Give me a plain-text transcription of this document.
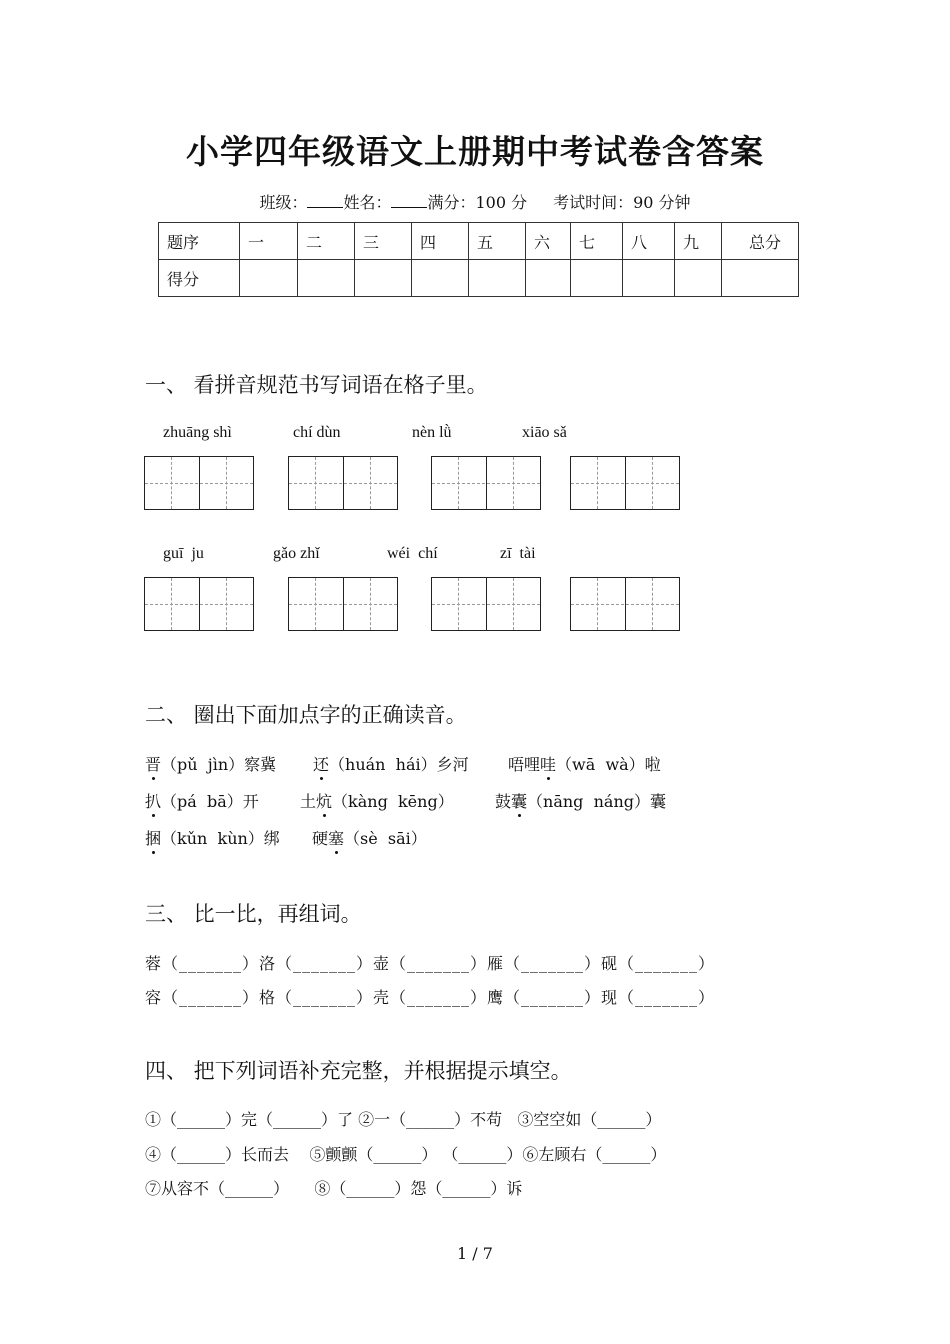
小学四年级语文上册期中考试卷含答案
班级： 姓名： 满分：100 分 考试时间：90 分钟
题序	一	二	三	四	五	六	七	八	九	总分
得分										
一、 看拼音规范书写词语在格子里。
zhuāng shì	chí dùn	nèn lǜ	xiāo sǎ
guī  ju	gǎo zhǐ	wéi  chí	zī  tài
二、 圈出下面加点字的正确读音。
晋（pǔ  jìn）察冀 还（huán  hái）乡河 唔哩哇（wā  wà）啦
扒（pá  bā）开	土炕（kàng  kēng）	鼓囊（nāng  náng）囊
捆（kǔn  kùn）绑 硬塞（sè  sāi）
三、 比一比，再组词。
蓉（_______）洛（_______）壶（_______）雁（_______）砚（_______）
容（_______）格（_______）壳（_______）鹰（_______）现（_______）
四、 把下列词语补充完整，并根据提示填空。
①（______）完（______）了 ②一（______）不苟   ③空空如（______）
④（______）长而去    ⑤颤颤（______） （______）⑥左顾右（______）
⑦从容不（______）     ⑧（______）怨（______）诉
1 / 7
